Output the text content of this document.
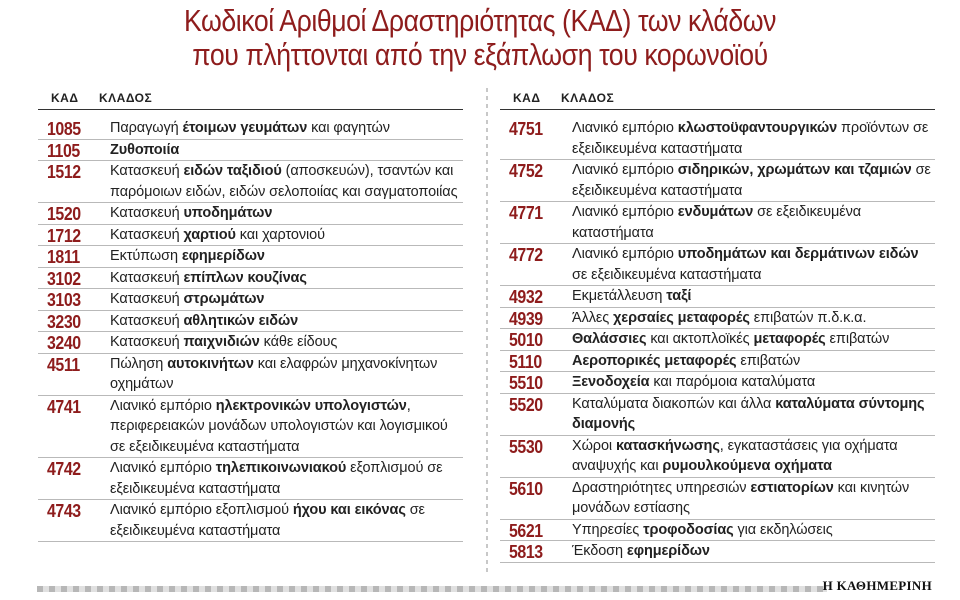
Κωδικοί Αριθμοί Δραστηριότητας (ΚΑΔ) των κλάδων
που πλήττονται από την εξάπλωση του κορωνοϊού
ΚΑΔ ΚΛΑΔΟΣ
1085 Παραγωγή έτοιμων γευμάτων και φαγητών
1105 Ζυθοποιία
1512 Κατασκευή ειδών ταξιδιού (αποσκευών), τσαντών και παρόμοιων ειδών, ειδών σελοποιίας και σαγματοποιίας
1520 Κατασκευή υποδημάτων
1712 Κατασκευή χαρτιού και χαρτονιού
1811 Εκτύπωση εφημερίδων
3102 Κατασκευή επίπλων κουζίνας
3103 Κατασκευή στρωμάτων
3230 Κατασκευή αθλητικών ειδών
3240 Κατασκευή παιχνιδιών κάθε είδους
4511 Πώληση αυτοκινήτων και ελαφρών μηχανοκίνητων οχημάτων
4741 Λιανικό εμπόριο ηλεκτρονικών υπολογιστών, περιφερειακών μονάδων υπολογιστών και λογισμικού σε εξειδικευμένα καταστήματα
4742 Λιανικό εμπόριο τηλεπικοινωνιακού εξοπλισμού σε εξειδικευμένα καταστήματα
4743 Λιανικό εμπόριο εξοπλισμού ήχου και εικόνας σε εξειδικευμένα καταστήματα
ΚΑΔ ΚΛΑΔΟΣ
4751 Λιανικό εμπόριο κλωστοϋφαντουργικών προϊόντων σε εξειδικευμένα καταστήματα
4752 Λιανικό εμπόριο σιδηρικών, χρωμάτων και τζαμιών σε εξειδικευμένα καταστήματα
4771 Λιανικό εμπόριο ενδυμάτων σε εξειδικευμένα καταστήματα
4772 Λιανικό εμπόριο υποδημάτων και δερμάτινων ειδών σε εξειδικευμένα καταστήματα
4932 Εκμετάλλευση ταξί
4939 Άλλες χερσαίες μεταφορές επιβατών π.δ.κ.α.
5010 Θαλάσσιες και ακτοπλοϊκές μεταφορές επιβατών
5110 Αεροπορικές μεταφορές επιβατών
5510 Ξενοδοχεία και παρόμοια καταλύματα
5520 Καταλύματα διακοπών και άλλα καταλύματα σύντομης διαμονής
5530 Χώροι κατασκήνωσης, εγκαταστάσεις για οχήματα αναψυχής και ρυμουλκούμενα οχήματα
5610 Δραστηριότητες υπηρεσιών εστιατορίων και κινητών μονάδων εστίασης
5621 Υπηρεσίες τροφοδοσίας για εκδηλώσεις
5813 Έκδοση εφημερίδων
Η ΚΑΘΗΜΕΡΙΝΗ
